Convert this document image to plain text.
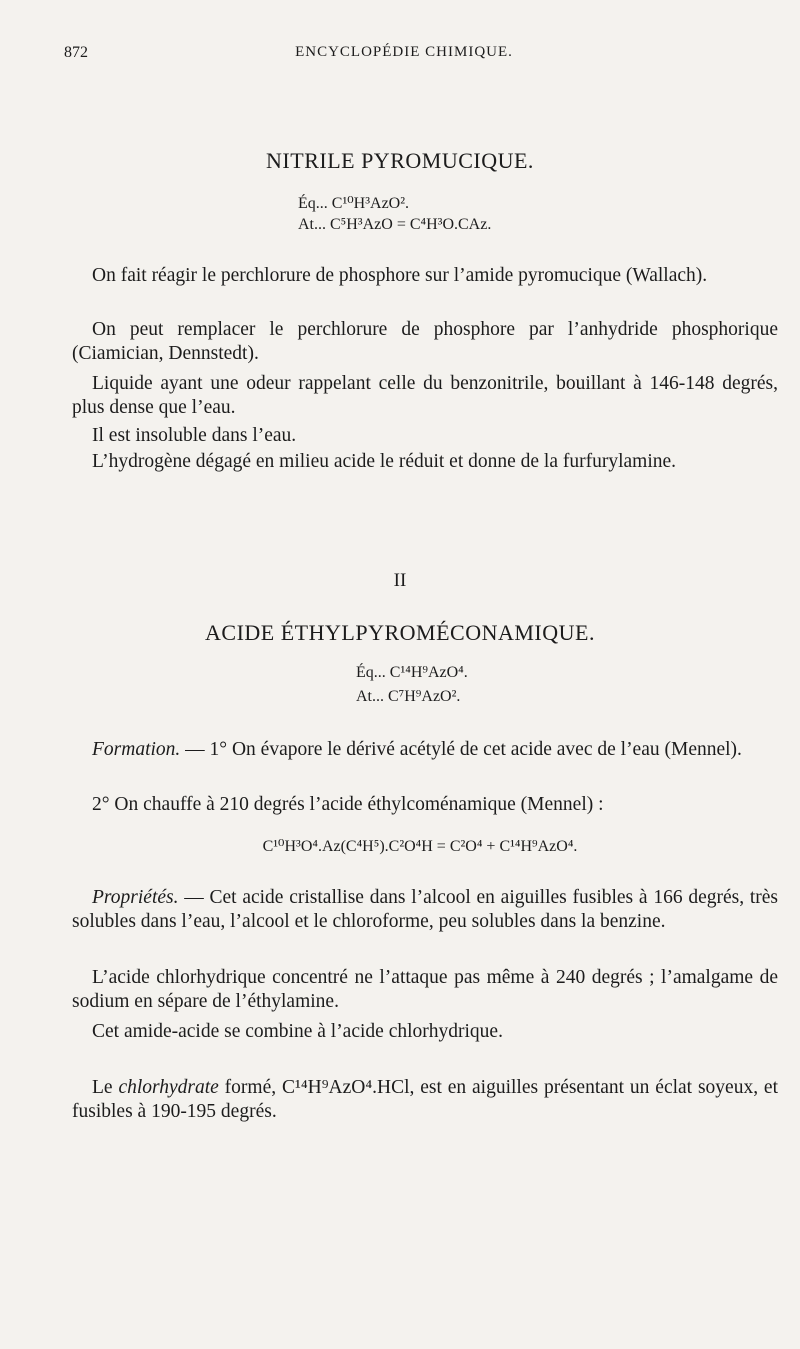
872	ENCYCLOPÉDIE CHIMIQUE.
NITRILE PYROMUCIQUE.
Éq... C¹⁰H³AzO².
At... C⁵H³AzO = C⁴H³O.CAz.
On fait réagir le perchlorure de phosphore sur l’amide pyromucique (Wallach).
On peut remplacer le perchlorure de phosphore par l’anhydride phosphorique (Ciamician, Dennstedt).
Liquide ayant une odeur rappelant celle du benzonitrile, bouillant à 146-148 degrés, plus dense que l’eau.
Il est insoluble dans l’eau.
L’hydrogène dégagé en milieu acide le réduit et donne de la furfurylamine.
II
ACIDE ÉTHYLPYROMÉCONAMIQUE.
Éq... C¹⁴H⁹AzO⁴.
At... C⁷H⁹AzO².
Formation. — 1° On évapore le dérivé acétylé de cet acide avec de l’eau (Mennel).
2° On chauffe à 210 degrés l’acide éthylcoménamique (Mennel) :
C¹⁰H³O⁴.Az(C⁴H⁵).C²O⁴H = C²O⁴ + C¹⁴H⁹AzO⁴.
Propriétés. — Cet acide cristallise dans l’alcool en aiguilles fusibles à 166 degrés, très solubles dans l’eau, l’alcool et le chloroforme, peu solubles dans la benzine.
L’acide chlorhydrique concentré ne l’attaque pas même à 240 degrés ; l’amalgame de sodium en sépare de l’éthylamine.
Cet amide-acide se combine à l’acide chlorhydrique.
Le chlorhydrate formé, C¹⁴H⁹AzO⁴.HCl, est en aiguilles présentant un éclat soyeux, et fusibles à 190-195 degrés.
